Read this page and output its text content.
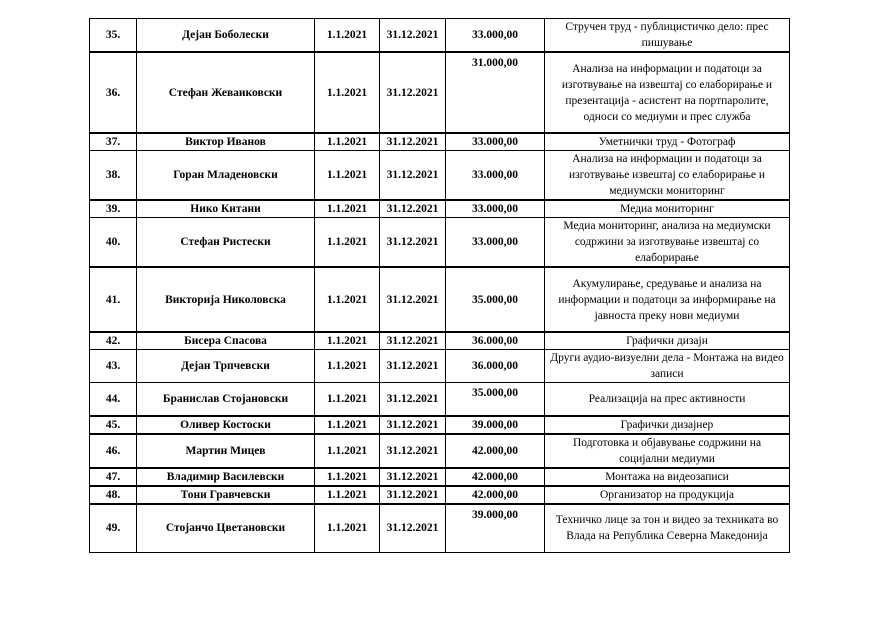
35.	Дејан Боболески	1.1.2021	31.12.2021	33.000,00	Стручен труд - публицистичко дело: прес пишување
36.	Стефан Жеваиковски	1.1.2021	31.12.2021	31.000,00	Анализа на информации и податоци за изготвување на извештај со елаборирање и презентација - асистент на портпаролите, односи со медиуми и прес служба
37.	Виктор Иванов	1.1.2021	31.12.2021	33.000,00	Уметнички труд - Фотограф
38.	Горан Младеновски	1.1.2021	31.12.2021	33.000,00	Анализа на информации и податоци за изготвување извештај со елаборирање и медиумски мониторинг
39.	Нико Китани	1.1.2021	31.12.2021	33.000,00	Медиа мониторинг
40.	Стефан Ристески	1.1.2021	31.12.2021	33.000,00	Медиа мониторинг, анализа на медиумски содржини за изготвување извештај со елаборирање
41.	Викторија Николовска	1.1.2021	31.12.2021	35.000,00	Акумулирање, средување и анализа на информации и податоци за информирање на јавноста преку нови медиуми
42.	Бисера Спасова	1.1.2021	31.12.2021	36.000,00	Графички дизајн
43.	Дејан Трпчевски	1.1.2021	31.12.2021	36.000,00	Други аудио-визуелни дела - Монтажа на видео записи
44.	Бранислав Стојановски	1.1.2021	31.12.2021	35.000,00	Реализација на прес активности
45.	Оливер Костоски	1.1.2021	31.12.2021	39.000,00	Графички дизајнер
46.	Мартин Мицев	1.1.2021	31.12.2021	42.000,00	Подготовка и објавување содржини на социјални медиуми
47.	Владимир Василевски	1.1.2021	31.12.2021	42.000,00	Монтажа на видеозаписи
48.	Тони Гравчевски	1.1.2021	31.12.2021	42.000,00	Организатор на продукција
49.	Стојанчо Цветановски	1.1.2021	31.12.2021	39.000,00	Техничко лице за тон и видео за техниката во Влада на Република Северна Македонија
